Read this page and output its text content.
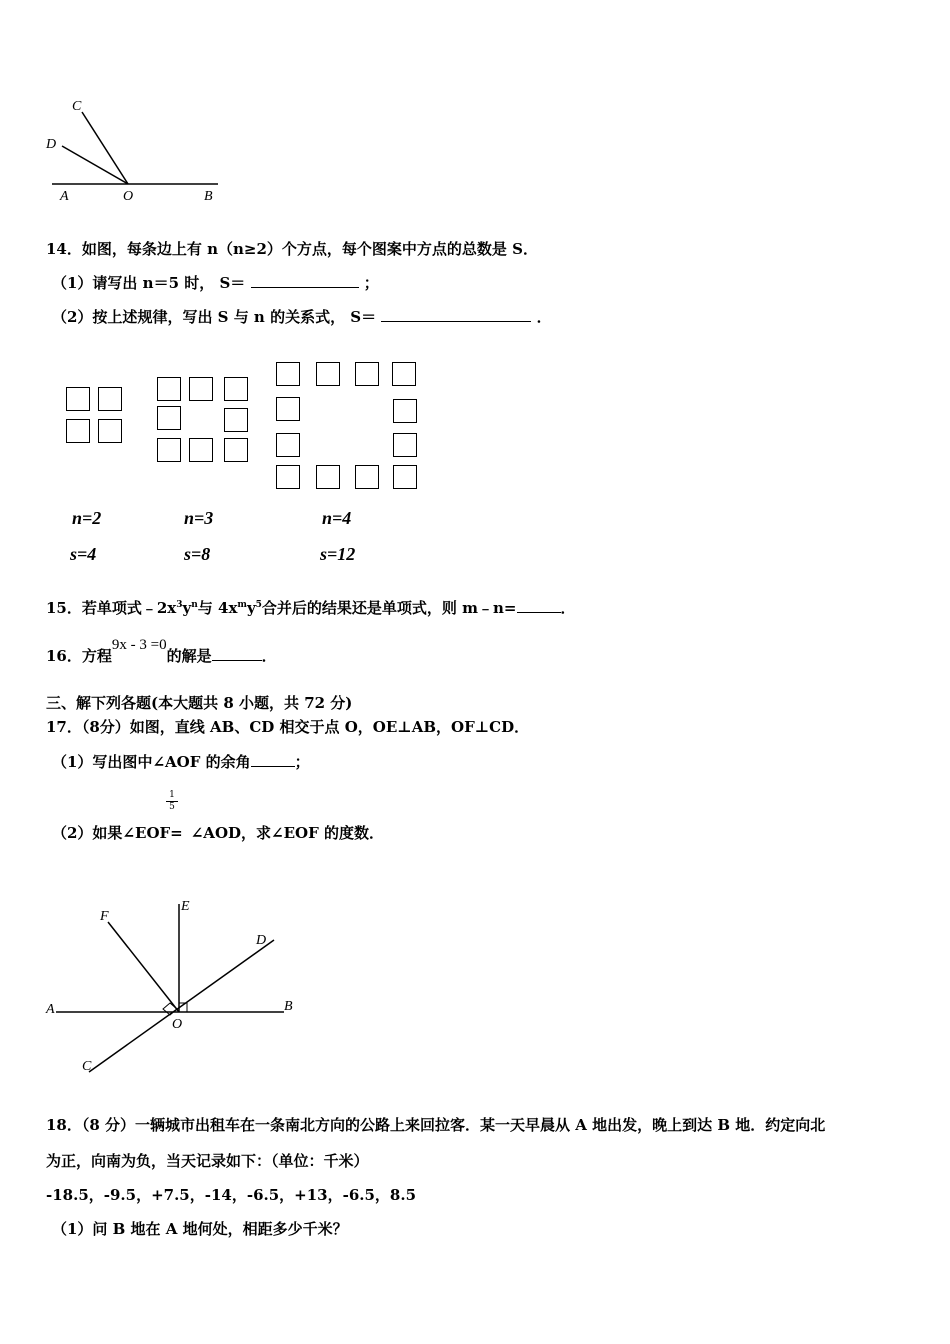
C
D
A	O	B
14．如图，每条边上有 n（n≥2）个方点，每个图案中方点的总数是 S．
（1）请写出 n＝5 时， S＝	；
（2）按上述规律，写出 S 与 n 的关系式， S＝	．
n=2	n=3	n=4
s=4	s=8	s=12
15．若单项式$﹣2x^3y^n$与 $4x^my^5$合并后的结果还是单项式，则 m﹣n=	．
16．方程9x - 3 =0的解是	．
三、解下列各题(本大题共 8 小题，共 72 分)
17．（8分）如图，直线 AB、CD 相交于点 O，OE⊥AB，OF⊥CD．
（1）写出图中∠AOF 的余角	；
1
5
（2）如果∠EOF= ∠AOD，求∠EOF 的度数．
F
E
D
A	B
O
C
18．（8 分）一辆城市出租车在一条南北方向的公路上来回拉客．某一天早晨从 A 地出发，晚上到达 B 地．约定向北
为正，向南为负，当天记录如下：（单位：千米）
-18.5，-9.5，+7.5，-14，-6.5，+13，-6.5，8.5
（1）问 B 地在 A 地何处，相距多少千米？
